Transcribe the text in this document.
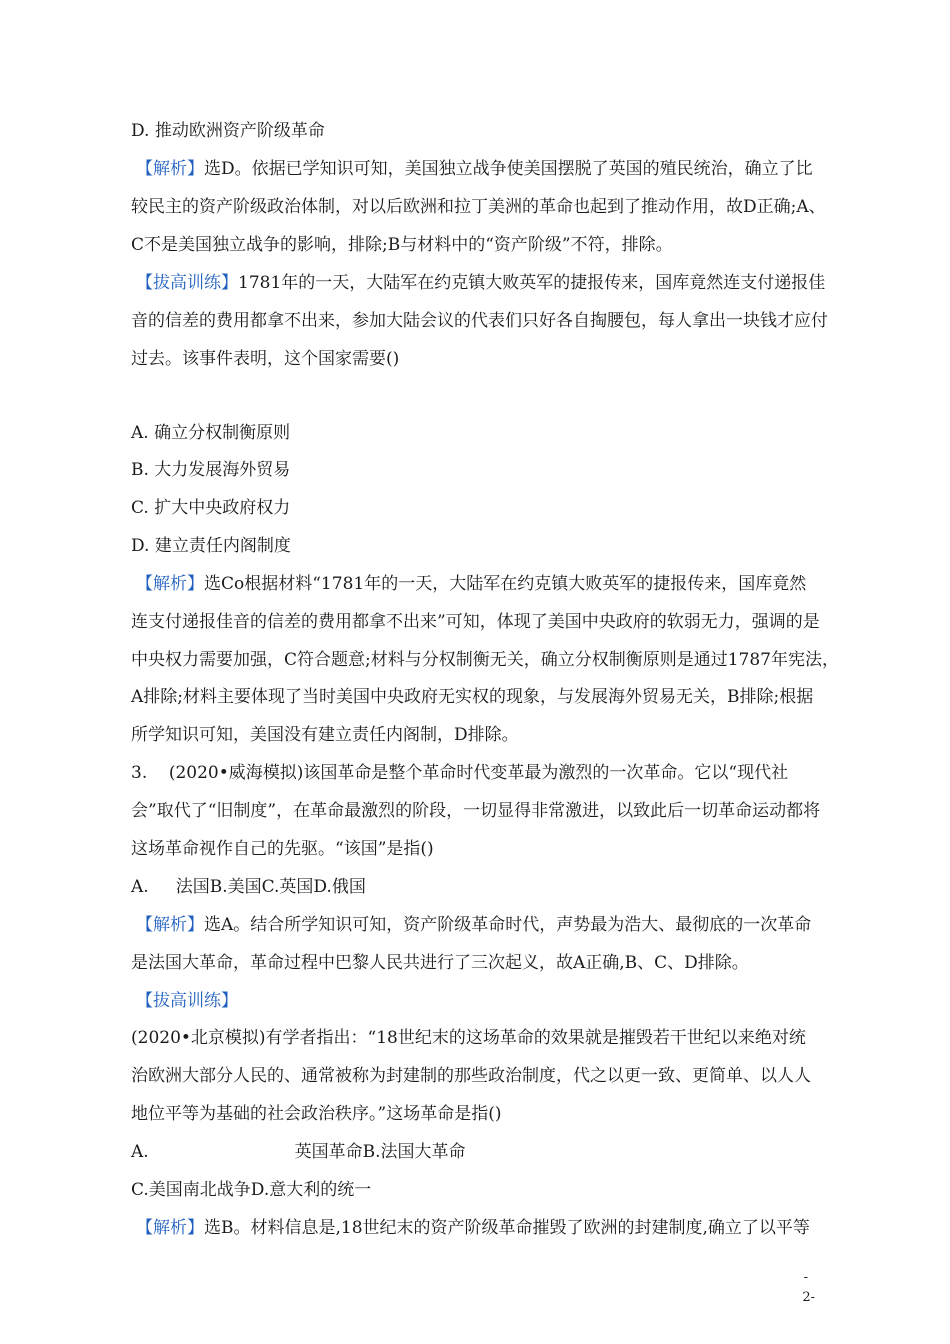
D. 推动欧洲资产阶级革命
【解析】选D。依据已学知识可知，美国独立战争使美国摆脱了英国的殖民统治，确立了比
较民主的资产阶级政治体制，对以后欧洲和拉丁美洲的革命也起到了推动作用，故D正确;A、
C不是美国独立战争的影响，排除;B与材料中的“资产阶级”不符，排除。
【拔高训练】1781年的一天，大陆军在约克镇大败英军的捷报传来，国库竟然连支付递报佳
音的信差的费用都拿不出来，参加大陆会议的代表们只好各自掏腰包，每人拿出一块钱才应付
过去。该事件表明，这个国家需要()
A. 确立分权制衡原则
B. 大力发展海外贸易
C. 扩大中央政府权力
D. 建立责任内阁制度
【解析】选Co根据材料“1781年的一天，大陆军在约克镇大败英军的捷报传来，国库竟然
连支付递报佳音的信差的费用都拿不出来”可知，体现了美国中央政府的软弱无力，强调的是
中央权力需要加强，C符合题意;材料与分权制衡无关，确立分权制衡原则是通过1787年宪法，
A排除;材料主要体现了当时美国中央政府无实权的现象，与发展海外贸易无关，B排除;根据
所学知识可知，美国没有建立责任内阁制，D排除。
3.    (2020•威海模拟)该国革命是整个革命时代变革最为激烈的一次革命。它以“现代社
会”取代了“旧制度”，在革命最激烈的阶段，一切显得非常激进，以致此后一切革命运动都将
这场革命视作自己的先驱。“该国”是指()
A.     法国B.美国C.英国D.俄国
【解析】选A。结合所学知识可知，资产阶级革命时代，声势最为浩大、最彻底的一次革命
是法国大革命，革命过程中巴黎人民共进行了三次起义，故A正确,B、C、D排除。
【拔高训练】
(2020•北京模拟)有学者指出：“18世纪末的这场革命的效果就是摧毁若干世纪以来绝对统
治欧洲大部分人民的、通常被称为封建制的那些政治制度，代之以更一致、更简单、以人人
地位平等为基础的社会政治秩序。”这场革命是指()
A.                           英国革命B.法国大革命
C.美国南北战争D.意大利的统一
【解析】选B。材料信息是,18世纪末的资产阶级革命摧毁了欧洲的封建制度,确立了以平等
-
2-
